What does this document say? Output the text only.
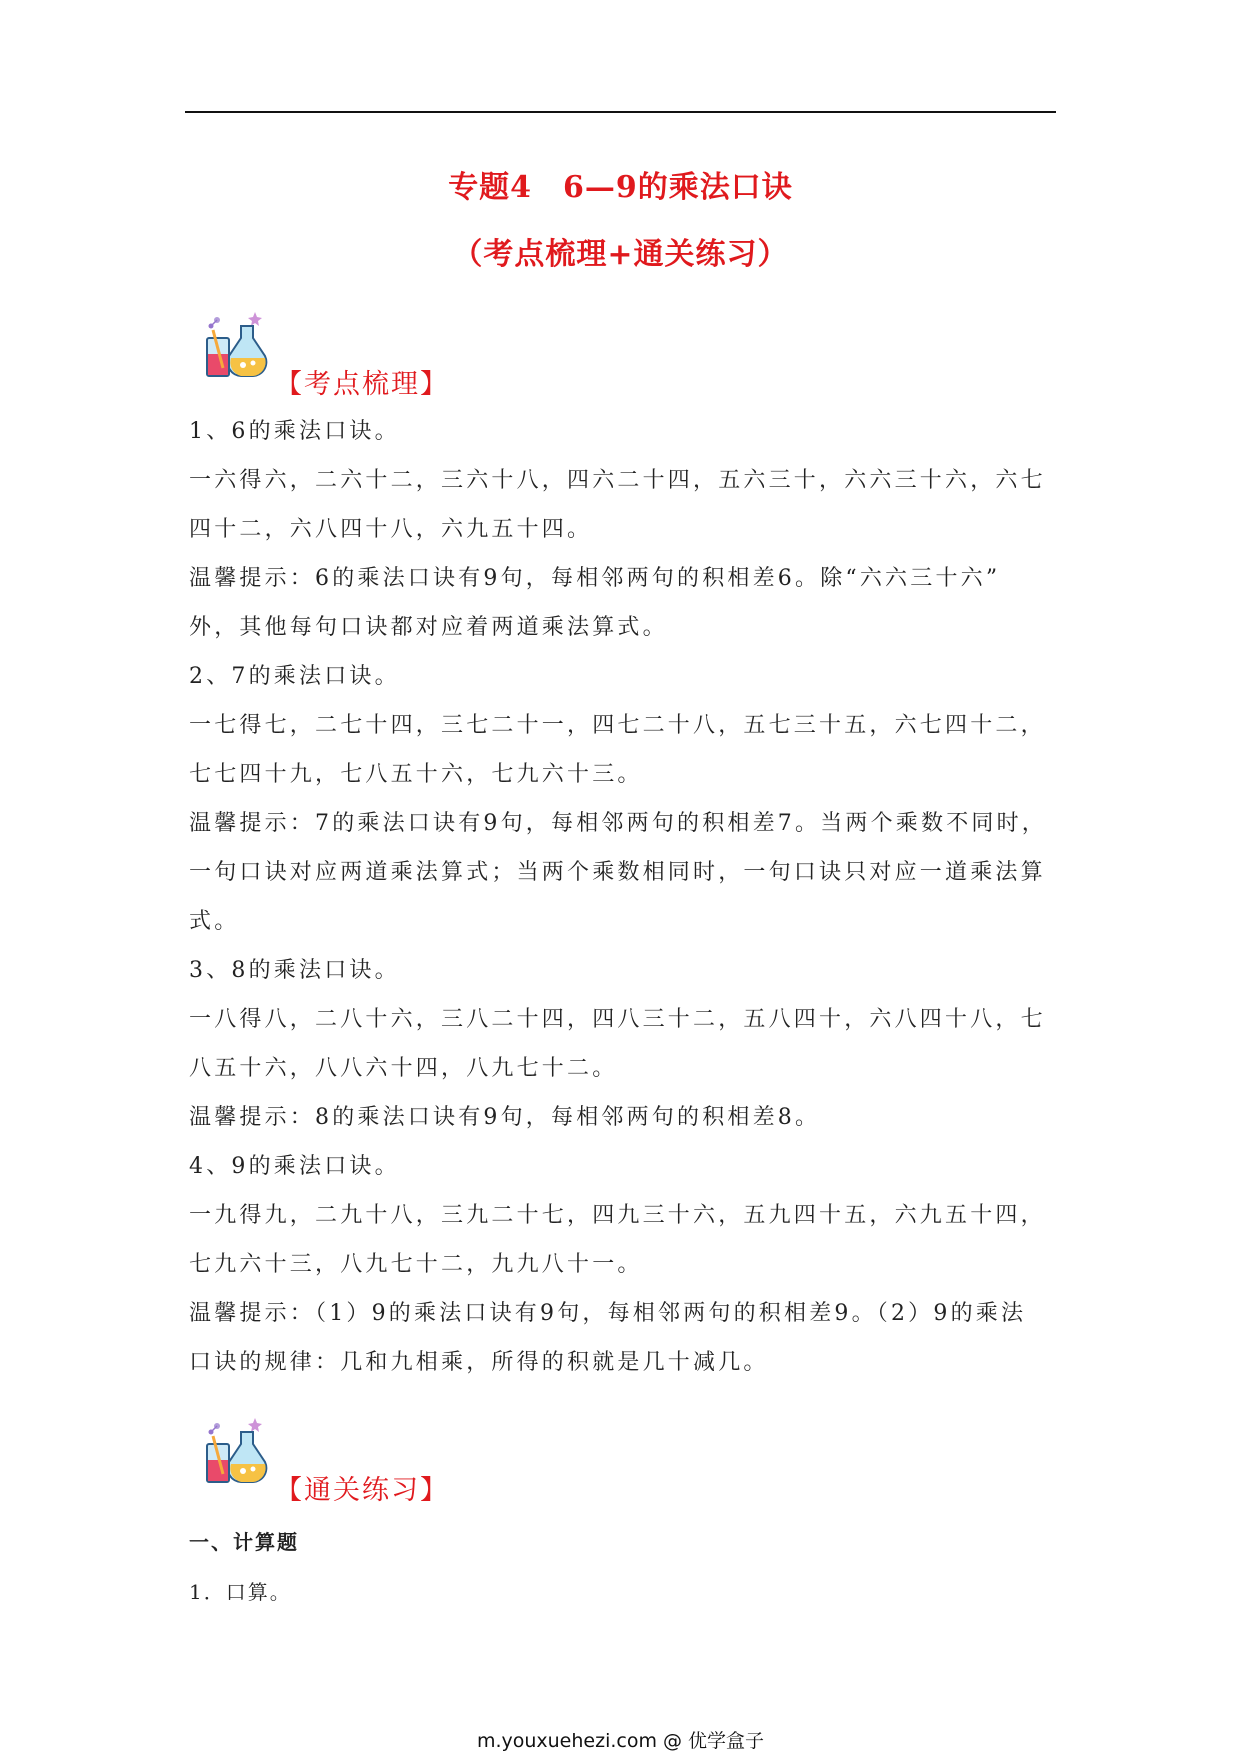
专题4　6—9的乘法口诀
（考点梳理+通关练习）
【考点梳理】
1、6的乘法口诀。
一六得六，二六十二，三六十八，四六二十四，五六三十，六六三十六，六七
四十二，六八四十八，六九五十四。
温馨提示：6的乘法口诀有9句，每相邻两句的积相差6。除“六六三十六”
外，其他每句口诀都对应着两道乘法算式。
2、7的乘法口诀。
一七得七，二七十四，三七二十一，四七二十八，五七三十五，六七四十二，
七七四十九，七八五十六，七九六十三。
温馨提示：7的乘法口诀有9句，每相邻两句的积相差7。当两个乘数不同时，
一句口诀对应两道乘法算式；当两个乘数相同时，一句口诀只对应一道乘法算
式。
3、8的乘法口诀。
一八得八，二八十六，三八二十四，四八三十二，五八四十，六八四十八，七
八五十六，八八六十四，八九七十二。
温馨提示：8的乘法口诀有9句，每相邻两句的积相差8。
4、9的乘法口诀。
一九得九，二九十八，三九二十七，四九三十六，五九四十五，六九五十四，
七九六十三，八九七十二，九九八十一。
温馨提示：（1）9的乘法口诀有9句，每相邻两句的积相差9。（2）9的乘法
口诀的规律：几和九相乘，所得的积就是几十减几。
【通关练习】
一、计算题
1．口算。
m.youxuehezi.com @ 优学盒子
